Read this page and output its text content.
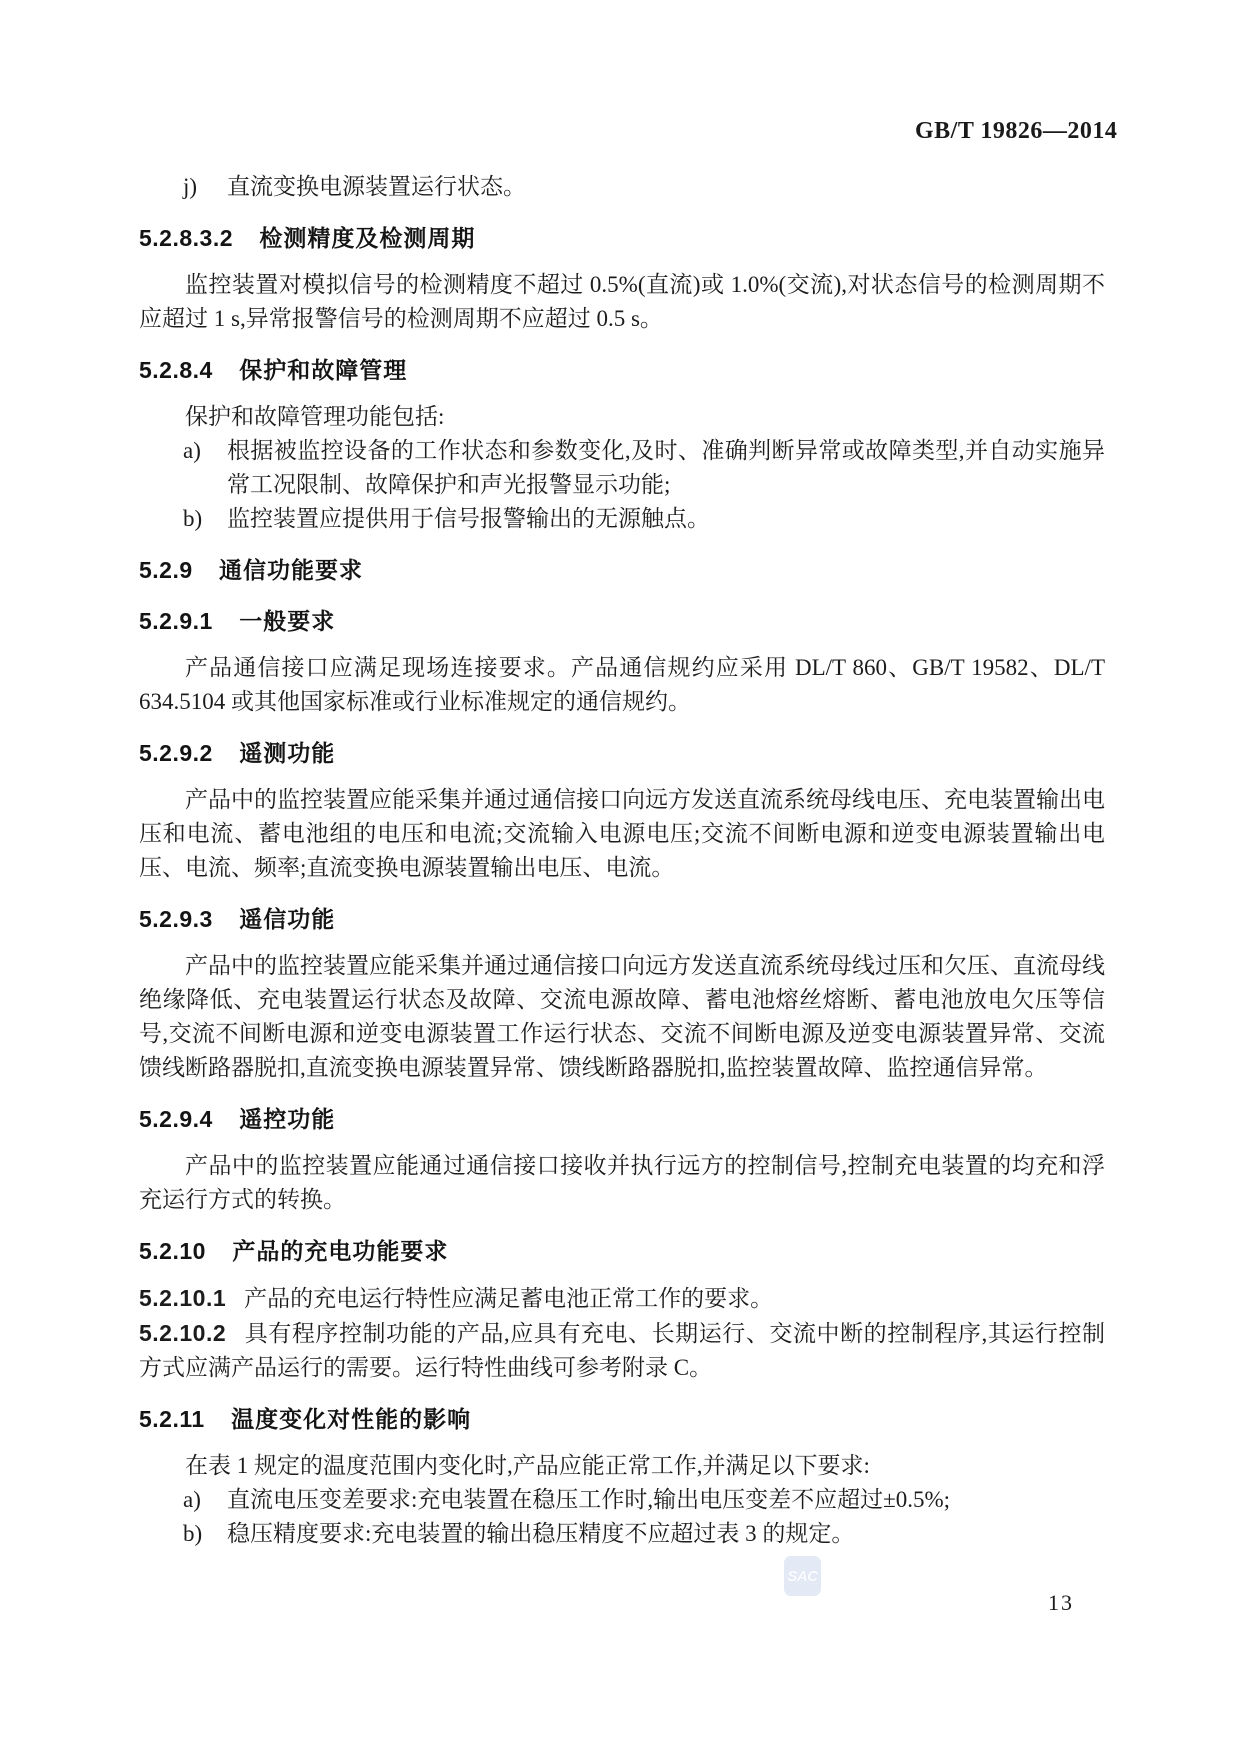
GB/T 19826—2014
j) 直流变换电源装置运行状态。
5.2.8.3.2 检测精度及检测周期

监控装置对模拟信号的检测精度不超过 0.5%(直流)或 1.0%(交流),对状态信号的检测周期不应超过 1 s,异常报警信号的检测周期不应超过 0.5 s。

5.2.8.4 保护和故障管理

保护和故障管理功能包括:

a) 根据被监控设备的工作状态和参数变化,及时、准确判断异常或故障类型,并自动实施异常工况限制、故障保护和声光报警显示功能;
b) 监控装置应提供用于信号报警输出的无源触点。
5.2.9 通信功能要求
5.2.9.1 一般要求

产品通信接口应满足现场连接要求。产品通信规约应采用 DL/T 860、GB/T 19582、DL/T 634.5104 或其他国家标准或行业标准规定的通信规约。

5.2.9.2 遥测功能

产品中的监控装置应能采集并通过通信接口向远方发送直流系统母线电压、充电装置输出电压和电流、蓄电池组的电压和电流;交流输入电源电压;交流不间断电源和逆变电源装置输出电压、电流、频率;直流变换电源装置输出电压、电流。

5.2.9.3 遥信功能

产品中的监控装置应能采集并通过通信接口向远方发送直流系统母线过压和欠压、直流母线绝缘降低、充电装置运行状态及故障、交流电源故障、蓄电池熔丝熔断、蓄电池放电欠压等信号,交流不间断电源和逆变电源装置工作运行状态、交流不间断电源及逆变电源装置异常、交流馈线断路器脱扣,直流变换电源装置异常、馈线断路器脱扣,监控装置故障、监控通信异常。

5.2.9.4 遥控功能

产品中的监控装置应能通过通信接口接收并执行远方的控制信号,控制充电装置的均充和浮充运行方式的转换。

5.2.10 产品的充电功能要求
5.2.10.1 产品的充电运行特性应满足蓄电池正常工作的要求。
5.2.10.2 具有程序控制功能的产品,应具有充电、长期运行、交流中断的控制程序,其运行控制方式应满产品运行的需要。运行特性曲线可参考附录 C。
5.2.11 温度变化对性能的影响

在表 1 规定的温度范围内变化时,产品应能正常工作,并满足以下要求:

a) 直流电压变差要求:充电装置在稳压工作时,输出电压变差不应超过±0.5%;
b) 稳压精度要求:充电装置的输出稳压精度不应超过表 3 的规定。
SAC
13
